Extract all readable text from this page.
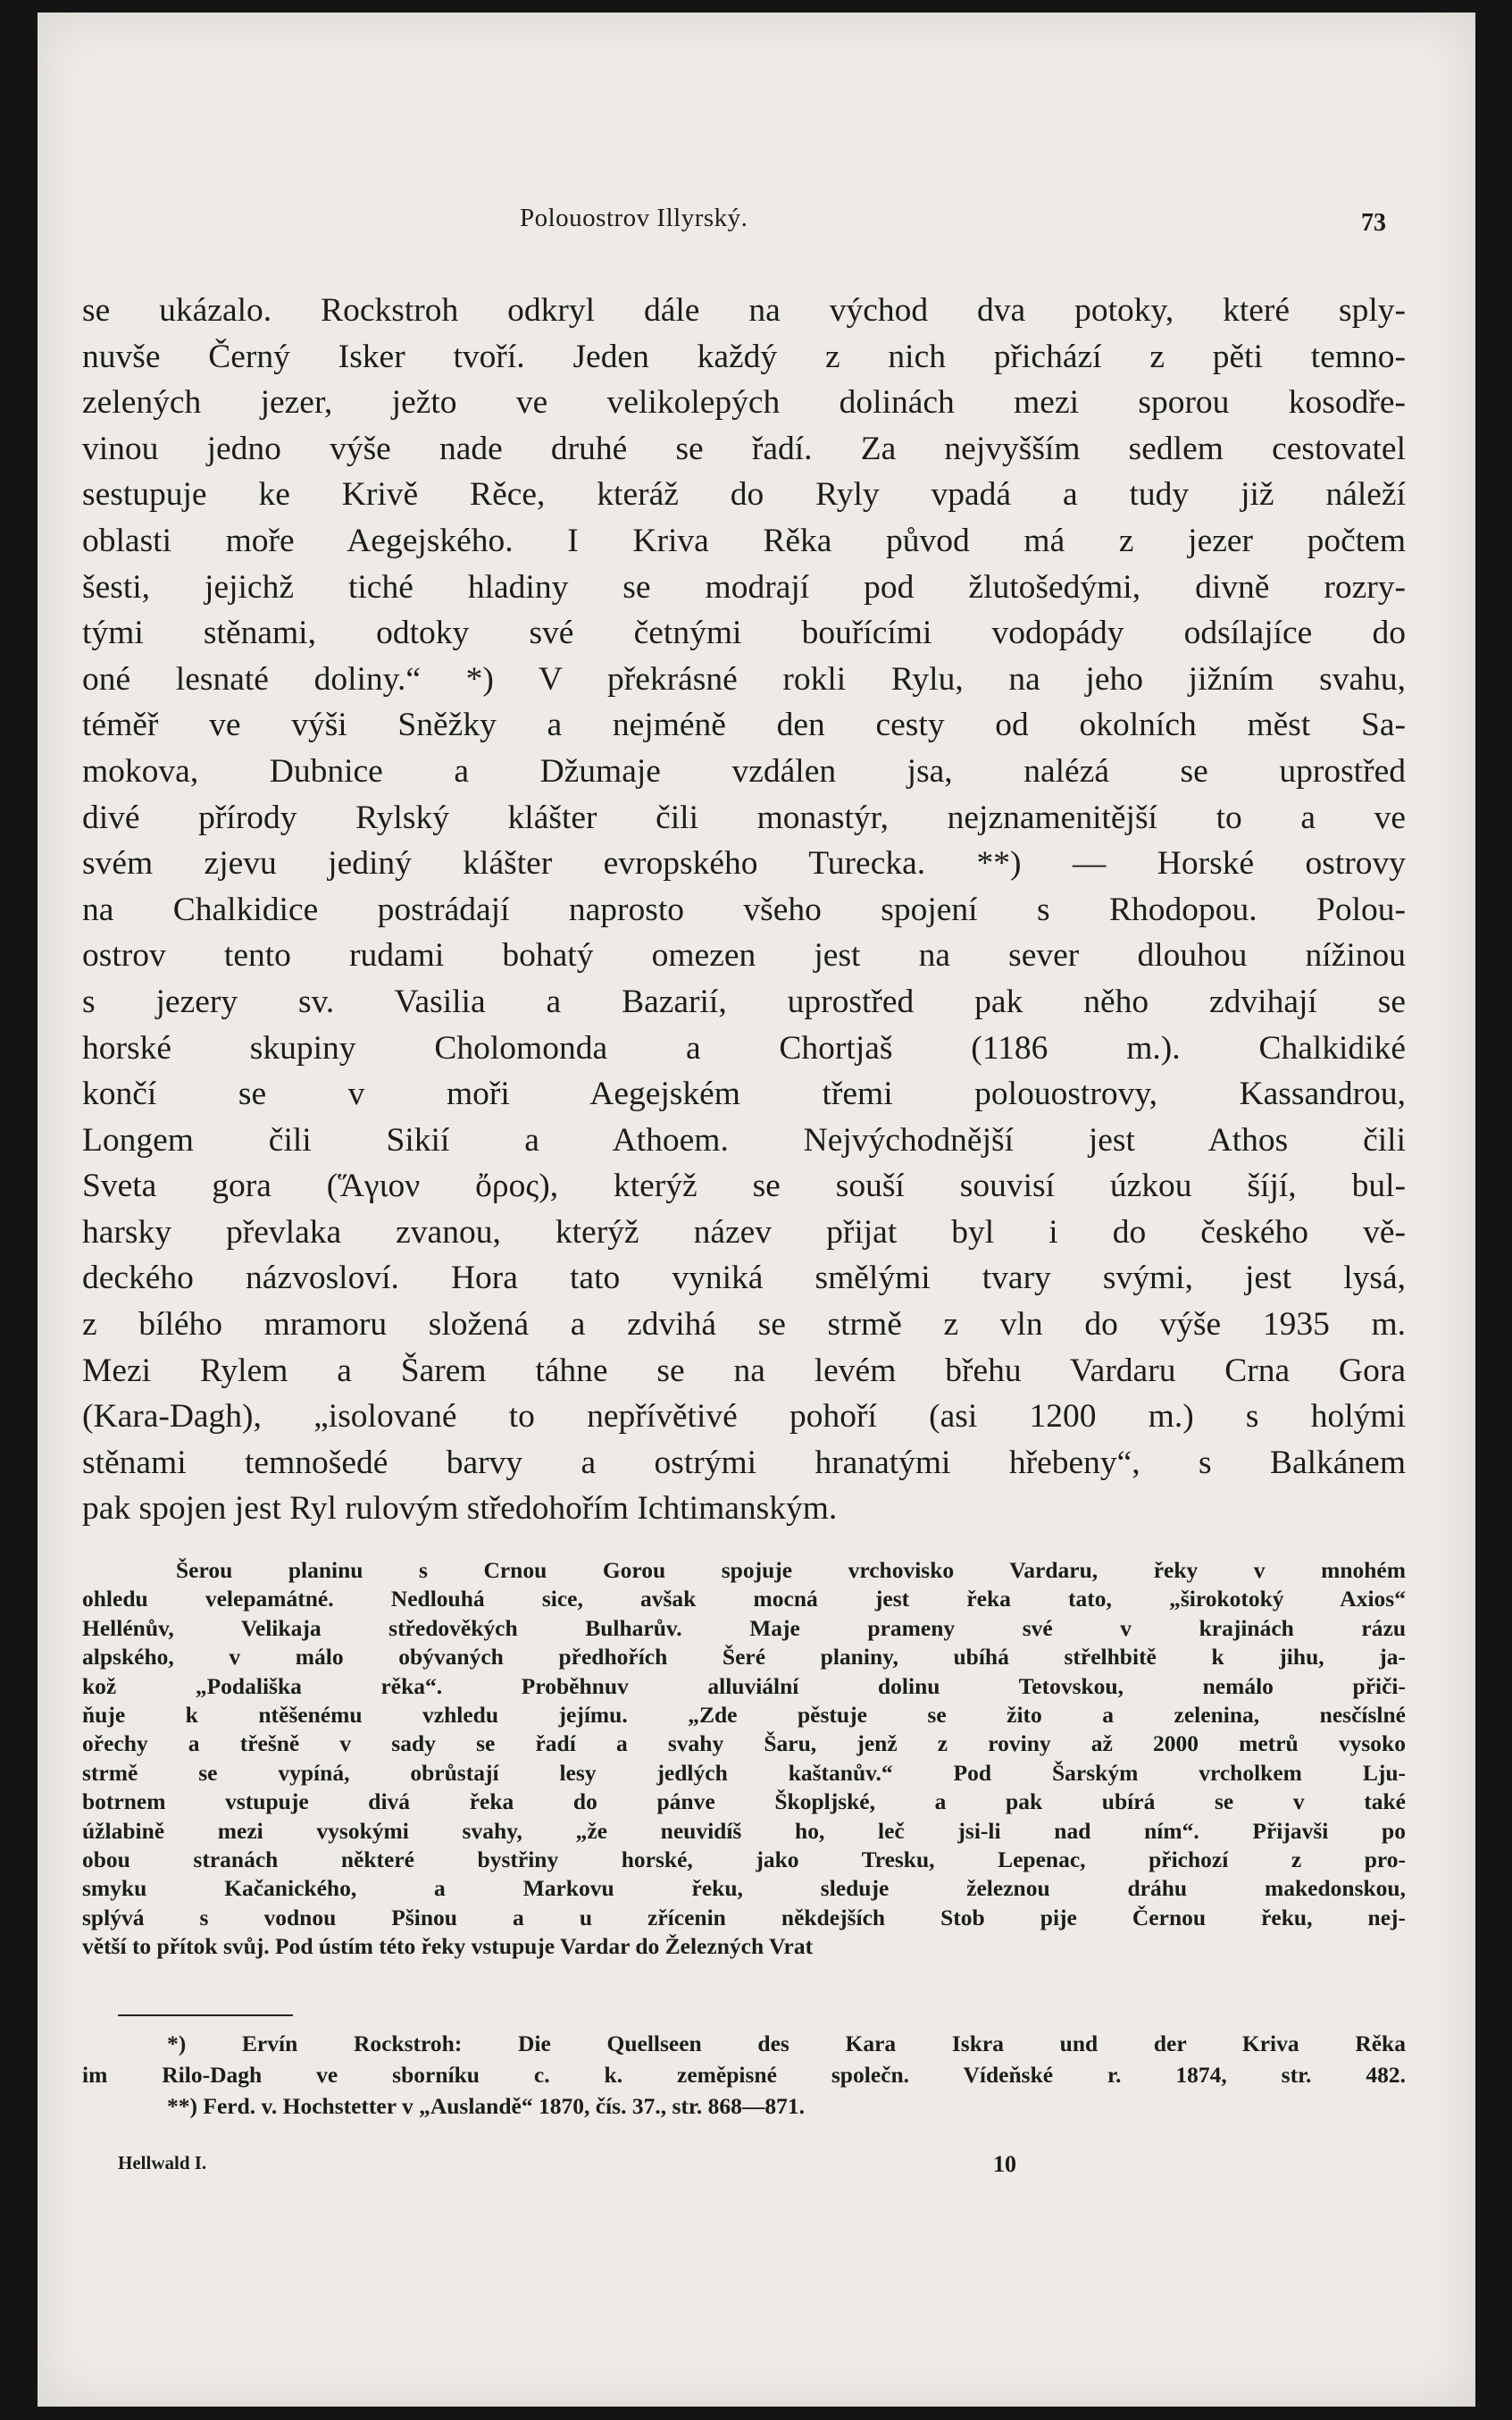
Polouostrov Illyrský.	73
se ukázalo. Rockstroh odkryl dále na východ dva potoky, které sply-
nuvše Černý Isker tvoří. Jeden každý z nich přichází z pěti temno-
zelených jezer, ježto ve velikolepých dolinách mezi sporou kosodře-
vinou jedno výše nade druhé se řadí. Za nejvyšším sedlem cestovatel
sestupuje ke Krivě Rěce, kteráž do Ryly vpadá a tudy již náleží
oblasti moře Aegejského. I Kriva Rěka původ má z jezer počtem
šesti, jejichž tiché hladiny se modrají pod žlutošedými, divně rozry-
tými stěnami, odtoky své četnými bouřícími vodopády odsílajíce do
oné lesnaté doliny.“ *) V překrásné rokli Rylu, na jeho jižním svahu,
téměř ve výši Sněžky a nejméně den cesty od okolních měst Sa-
mokova, Dubnice a Džumaje vzdálen jsa, nalézá se uprostřed
divé přírody Rylský klášter čili monastýr, nejznamenitější to a ve
svém zjevu jediný klášter evropského Turecka. **) — Horské ostrovy
na Chalkidice postrádají naprosto všeho spojení s Rhodopou. Polou-
ostrov tento rudami bohatý omezen jest na sever dlouhou nížinou
s jezery sv. Vasilia a Bazarií, uprostřed pak něho zdvihají se
horské skupiny Cholomonda a Chortjaš (1186 m.). Chalkidiké
končí se v moři Aegejském třemi polouostrovy, Kassandrou,
Longem čili Sikií a Athoem. Nejvýchodnější jest Athos čili
Sveta gora (Ἅγιον ὄρος), kterýž se souší souvisí úzkou šíjí, bul-
harsky převlaka zvanou, kterýž název přijat byl i do českého vě-
deckého názvosloví. Hora tato vyniká smělými tvary svými, jest lysá,
z bílého mramoru složená a zdvihá se strmě z vln do výše 1935 m.
Mezi Rylem a Šarem táhne se na levém břehu Vardaru Crna Gora
(Kara-Dagh), „isolované to nepřívětivé pohoří (asi 1200 m.) s holými
stěnami temnošedé barvy a ostrými hranatými hřebeny“, s Balkánem
pak spojen jest Ryl rulovým středohořím Ichtimanským.
Šerou planinu s Crnou Gorou spojuje vrchovisko Vardaru, řeky v mnohém
ohledu velepamátné. Nedlouhá sice, avšak mocná jest řeka tato, „širokotoký Axios“
Hellénův, Velikaja středověkých Bulharův. Maje prameny své v krajinách rázu
alpského, v málo obývaných předhořích Šeré planiny, ubíhá střelhbitě k jihu, ja-
kož „Podališka rěka“. Proběhnuv alluviální dolinu Tetovskou, nemálo přiči-
ňuje k ntěšenému vzhledu jejímu. „Zde pěstuje se žito a zelenina, nesčíslné
ořechy a třešně v sady se řadí a svahy Šaru, jenž z roviny až 2000 metrů vysoko
strmě se vypíná, obrůstají lesy jedlých kaštanův.“ Pod Šarským vrcholkem Lju-
botrnem vstupuje divá řeka do pánve Škopljské, a pak ubírá se v také
úžlabině mezi vysokými svahy, „že neuvidíš ho, leč jsi-li nad ním“. Přijavši po
obou stranách některé bystřiny horské, jako Tresku, Lepenac, přichozí z pro-
smyku Kačanického, a Markovu řeku, sleduje železnou dráhu makedonskou,
splývá s vodnou Pšinou a u zřícenin někdejších Stob pije Černou řeku, nej-
větší to přítok svůj. Pod ústím této řeky vstupuje Vardar do Železných Vrat
*) Ervín Rockstroh: Die Quellseen des Kara Iskra und der Kriva Rěka
im Rilo-Dagh ve sborníku c. k. zeměpisné společn. Vídeňské r. 1874, str. 482.
**) Ferd. v. Hochstetter v „Auslandě“ 1870, čís. 37., str. 868—871.
Hellwald I.	10
